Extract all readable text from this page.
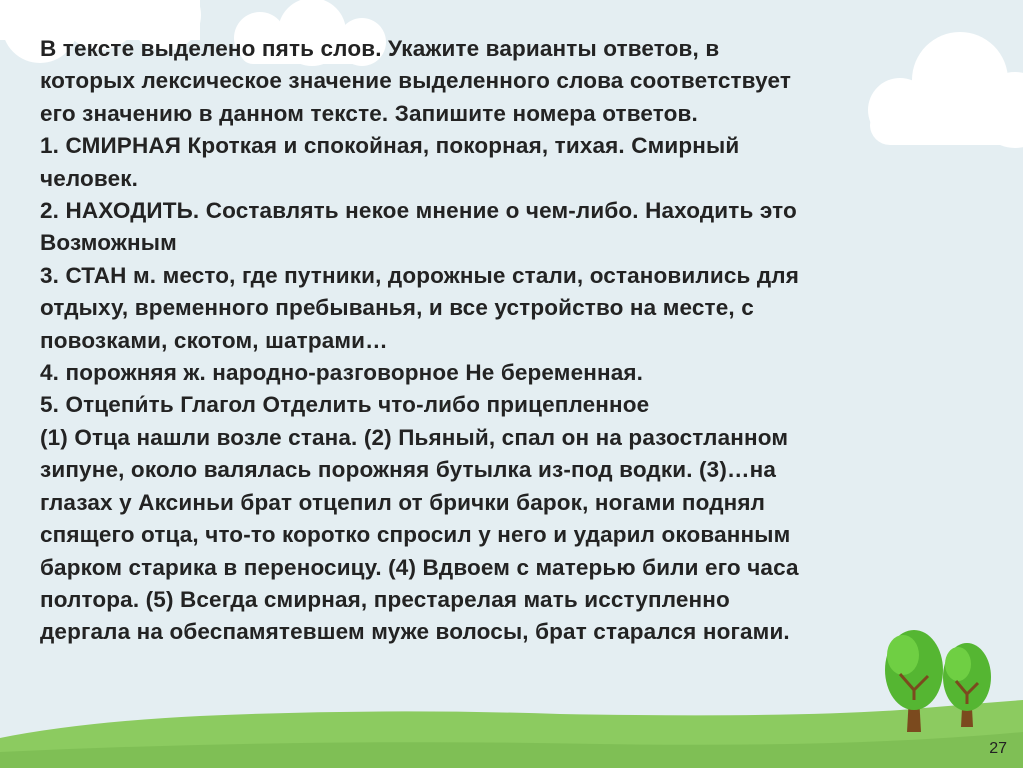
В тексте выделено пять слов. Укажите варианты ответов, в
которых лексическое значение выделенного слова соответствует
его значению в данном тексте. Запишите номера ответов.
1. СМИРНАЯ Кроткая и спокойная, покорная, тихая. Смирный
человек.
2. НАХОДИТЬ. Составлять некое мнение о чем-либо. Находить это
Возможным
3. СТАН м. место, где путники, дорожные стали, остановились для
отдыху, временного пребыванья, и все устройство на месте, с
повозками, скотом, шатрами…
4. порожняя ж. народно-разговорное Не беременная.
5. Отцепи́ть Глагол Отделить что-либо прицепленное
(1) Отца нашли возле стана. (2) Пьяный, спал он на разостланном
зипуне, около валялась порожняя бутылка из-под водки. (3)…на
глазах у Аксиньи брат отцепил от брички барок, ногами поднял
спящего отца, что-то коротко спросил у него и ударил окованным
барком старика в переносицу. (4) Вдвоем с матерью били его часа
полтора. (5) Всегда смирная, престарелая мать исступленно
дергала на обеспамятевшем муже волосы, брат старался ногами.
27
